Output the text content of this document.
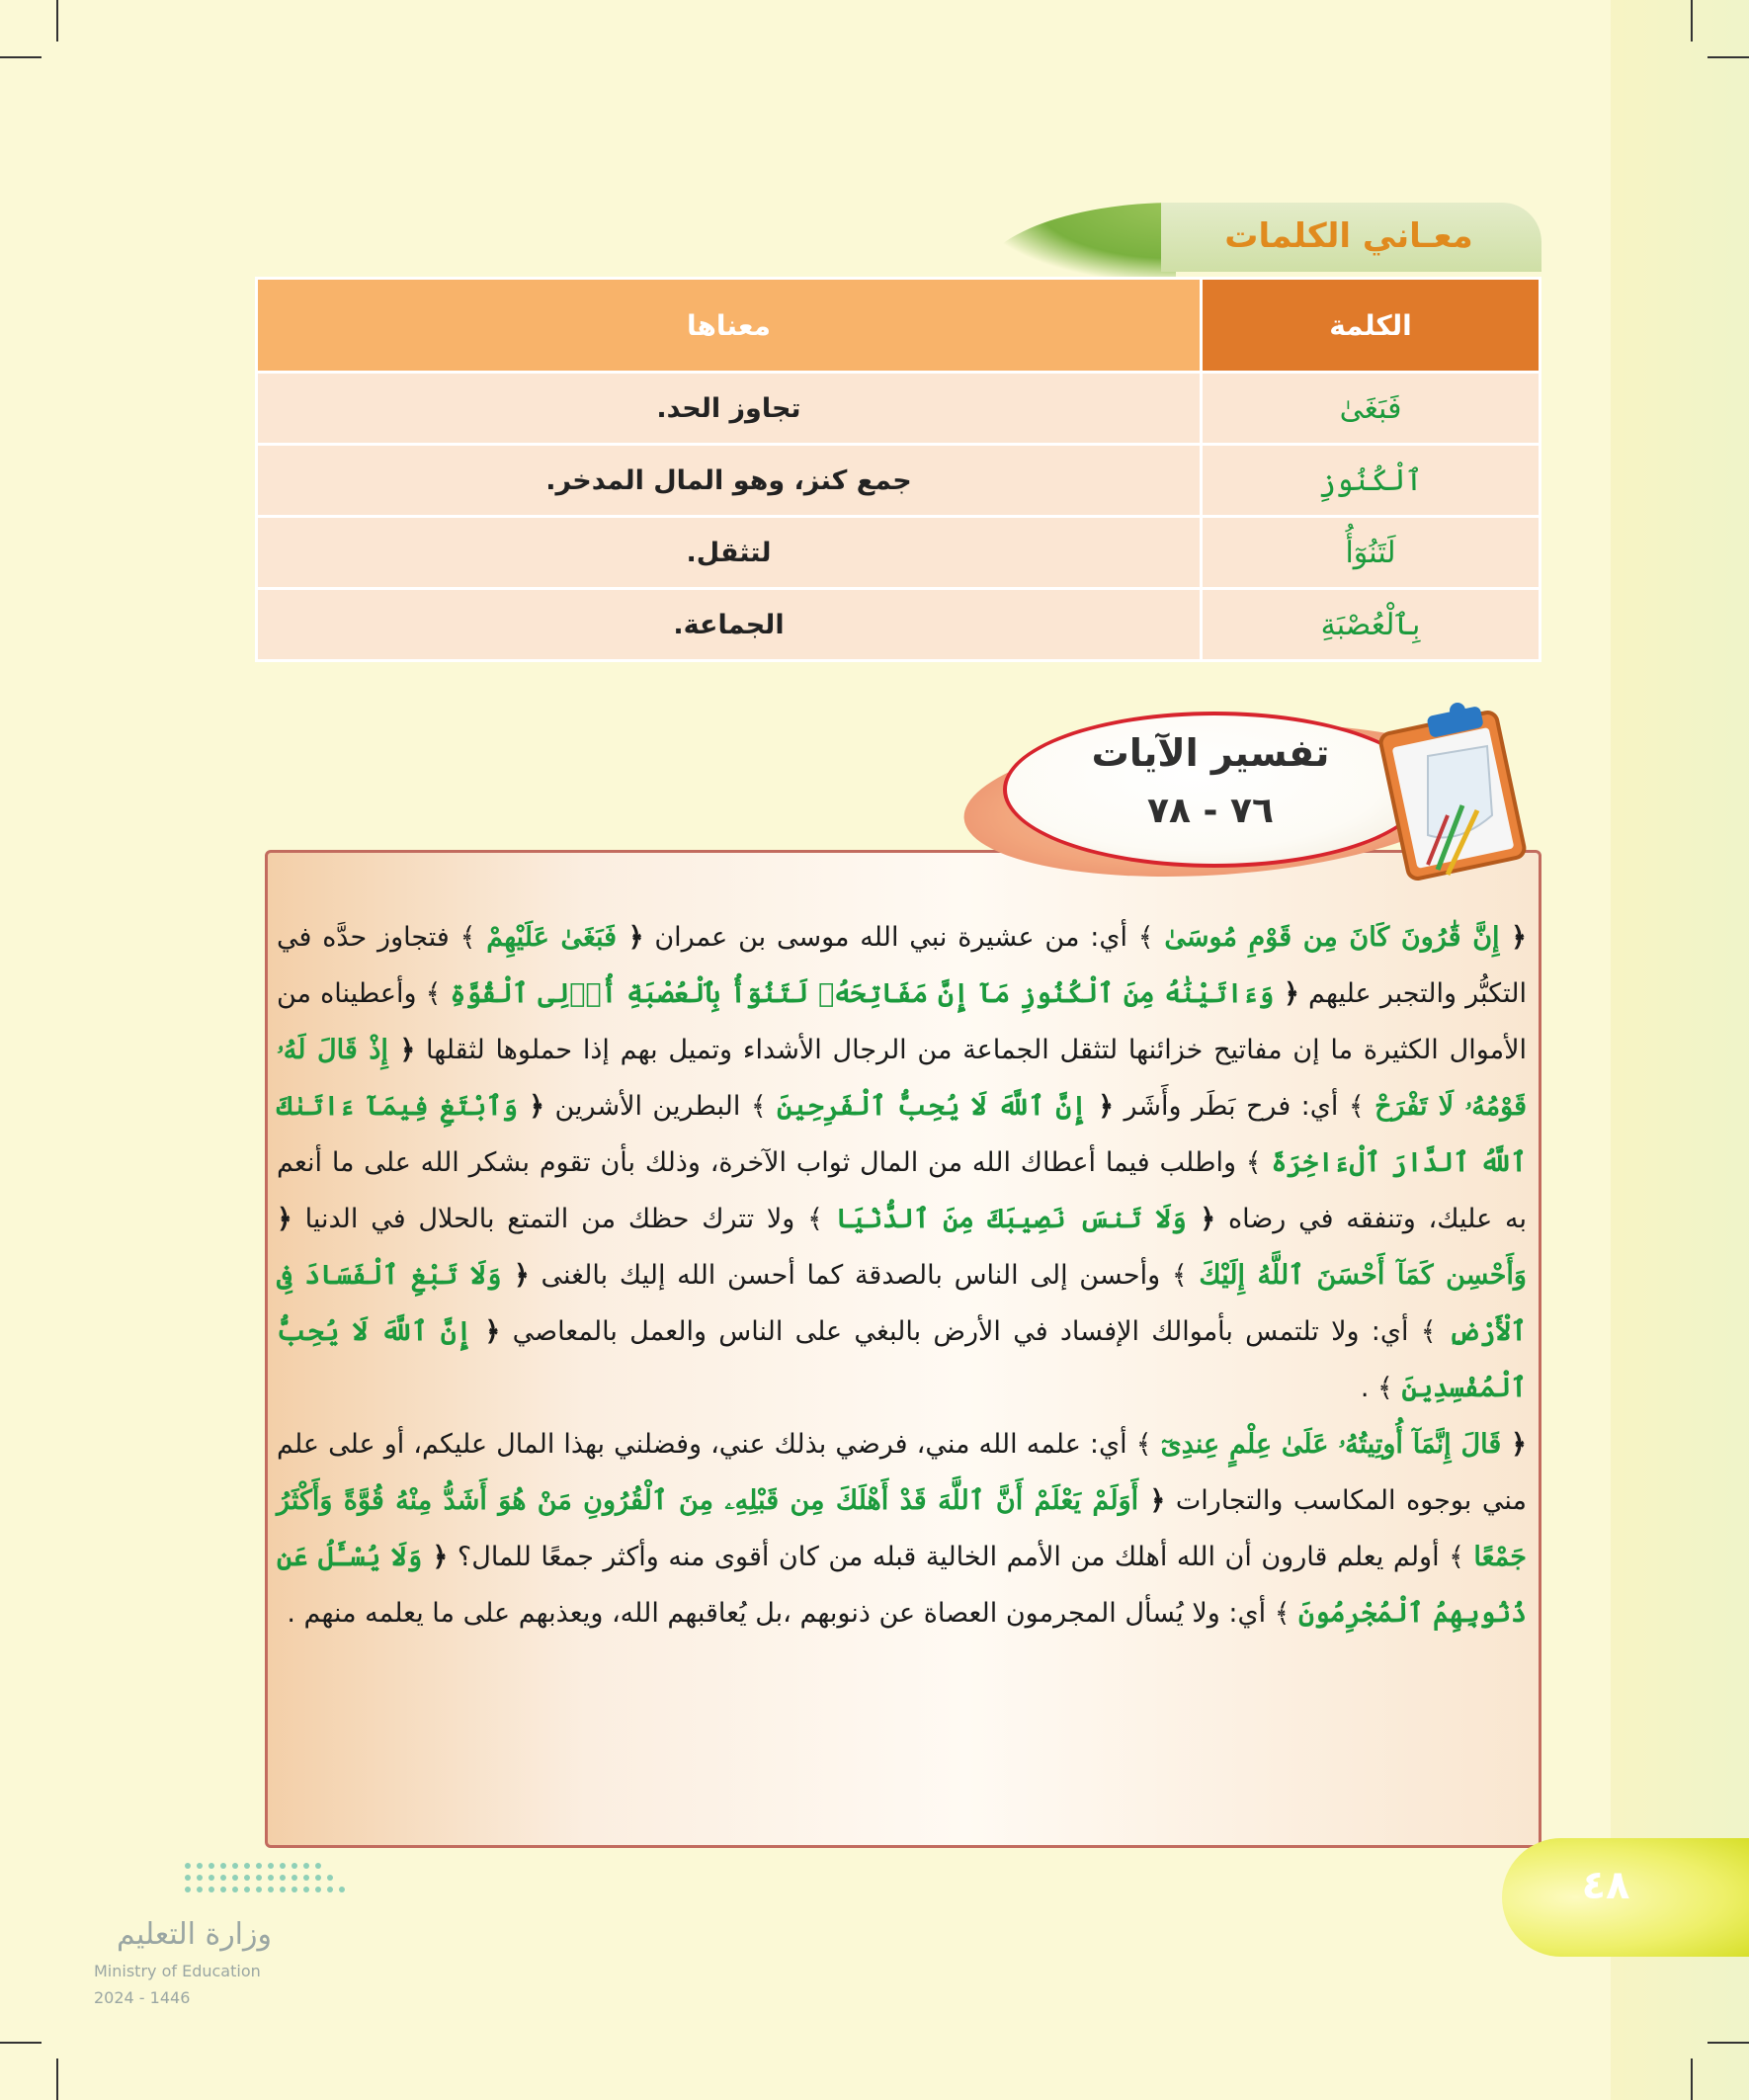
معـاني الكلمات
الكلمة	معناها
فَبَغَىٰ	تجاوز الحد.
ٱلْكُنُوزِ	جمع كنز، وهو المال المدخر.
لَتَنُوٓأُ	لتثقل.
بِٱلْعُصْبَةِ	الجماعة.
تفسير الآيات
٧٦ - ٧٨

﴿ إِنَّ قَٰرُونَ كَانَ مِن قَوْمِ مُوسَىٰ ﴾ أي: من عشيرة نبي الله موسى بن عمران ﴿ فَبَغَىٰ عَلَيْهِمْ ﴾ فتجاوز حدَّه في التكبُّر والتجبر عليهم ﴿ وَءَاتَيْنَٰهُ مِنَ ٱلْكُنُوزِ مَآ إِنَّ مَفَاتِحَهُۥ لَتَنُوٓأُ بِٱلْعُصْبَةِ أُو۟لِى ٱلْقُوَّةِ ﴾ وأعطيناه من الأموال الكثيرة ما إن مفاتيح خزائنها لتثقل الجماعة من الرجال الأشداء وتميل بهم إذا حملوها لثقلها ﴿ إِذْ قَالَ لَهُۥ قَوْمُهُۥ لَا تَفْرَحْ ﴾ أي: فرح بَطَر وأَشَر ﴿ إِنَّ ٱللَّهَ لَا يُحِبُّ ٱلْفَرِحِينَ ﴾ البطرين الأشرين ﴿ وَٱبْتَغِ فِيمَآ ءَاتَىٰكَ ٱللَّهُ ٱلدَّارَ ٱلْءَاخِرَةَ ﴾ واطلب فيما أعطاك الله من المال ثواب الآخرة، وذلك بأن تقوم بشكر الله على ما أنعم به عليك، وتنفقه في رضاه ﴿ وَلَا تَنسَ نَصِيبَكَ مِنَ ٱلدُّنْيَا ﴾ ولا تترك حظك من التمتع بالحلال في الدنيا ﴿ وَأَحْسِن كَمَآ أَحْسَنَ ٱللَّهُ إِلَيْكَ ﴾ وأحسن إلى الناس بالصدقة كما أحسن الله إليك بالغنى ﴿ وَلَا تَبْغِ ٱلْفَسَادَ فِى ٱلْأَرْضِ ﴾ أي: ولا تلتمس بأموالك الإفساد في الأرض بالبغي على الناس والعمل بالمعاصي ﴿ إِنَّ ٱللَّهَ لَا يُحِبُّ ٱلْمُفْسِدِينَ ﴾ .

﴿ قَالَ إِنَّمَآ أُوتِيتُهُۥ عَلَىٰ عِلْمٍ عِندِىٓ ﴾ أي: علمه الله مني، فرضي بذلك عني، وفضلني بهذا المال عليكم، أو على علم مني بوجوه المكاسب والتجارات ﴿ أَوَلَمْ يَعْلَمْ أَنَّ ٱللَّهَ قَدْ أَهْلَكَ مِن قَبْلِهِۦ مِنَ ٱلْقُرُونِ مَنْ هُوَ أَشَدُّ مِنْهُ قُوَّةً وَأَكْثَرُ جَمْعًا ﴾ أولم يعلم قارون أن الله أهلك من الأمم الخالية قبله من كان أقوى منه وأكثر جمعًا للمال؟ ﴿ وَلَا يُسْـَٔلُ عَن ذُنُوبِهِمُ ٱلْمُجْرِمُونَ ﴾ أي: ولا يُسأل المجرمون العصاة عن ذنوبهم ،بل يُعاقبهم الله، ويعذبهم على ما يعلمه منهم .

٤٨
وزارة التعليم
Ministry of Education
2024 - 1446
